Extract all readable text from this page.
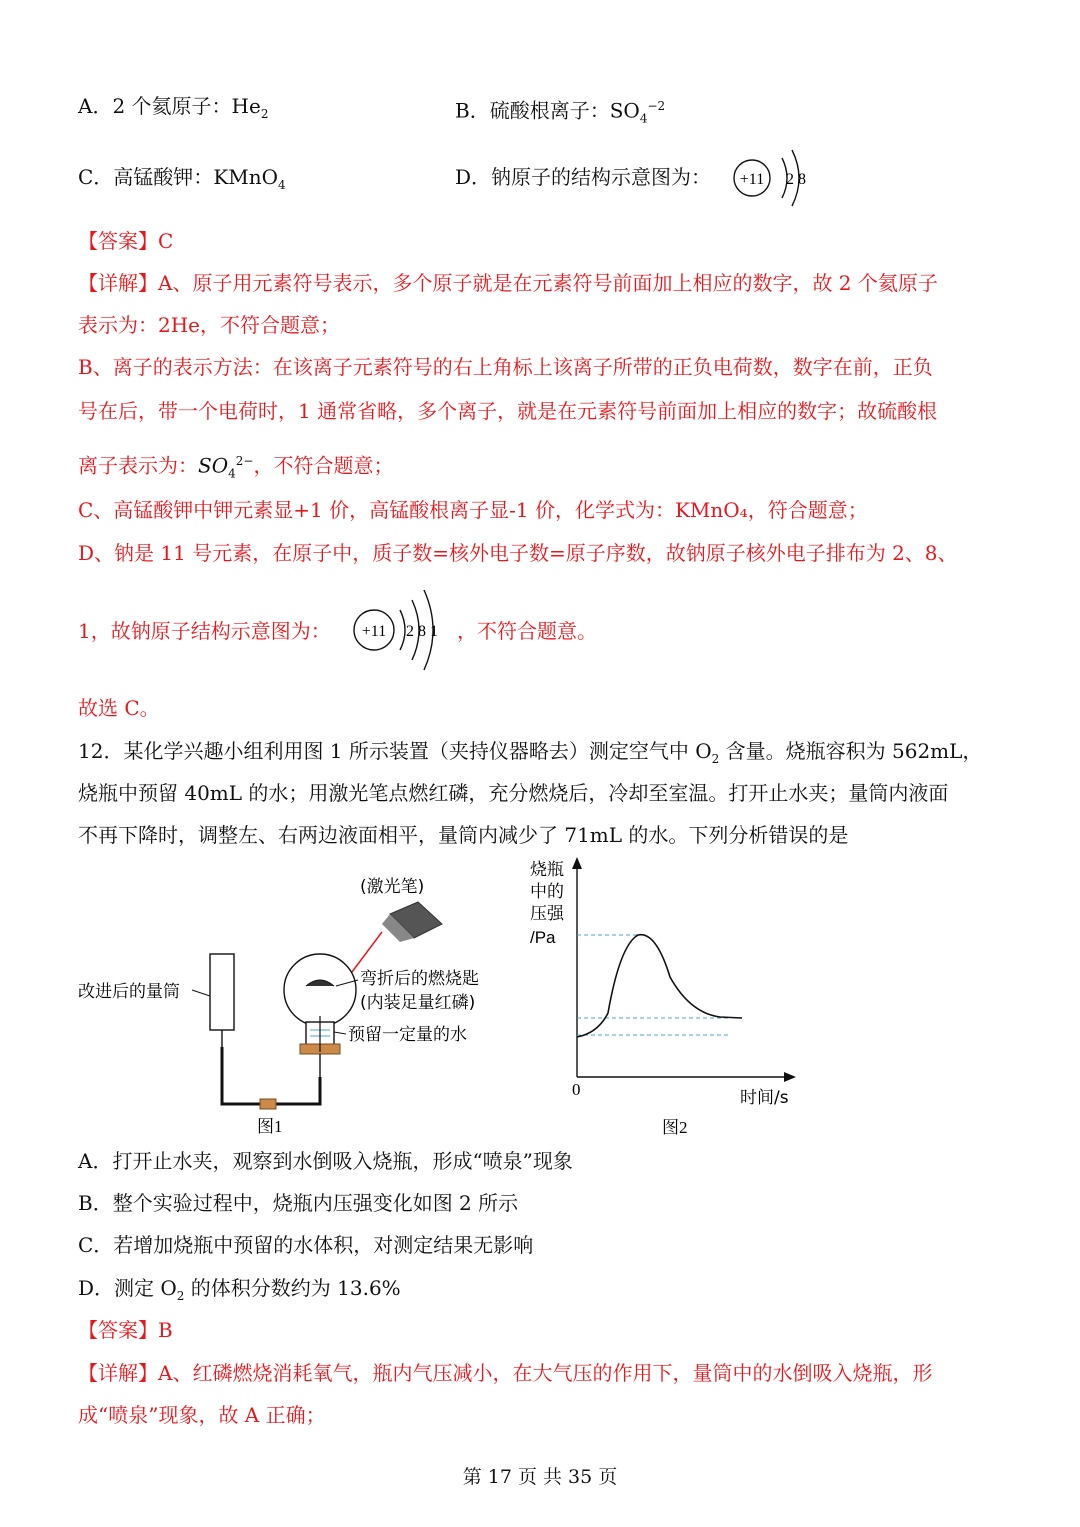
A．2 个氦原子：$He_2$	B．硫酸根离子：$SO_4^{-2}$
C．高锰酸钾：KMnO$_4$	D．钠原子的结构示意图为： +11 2 8
【答案】C
【详解】A、原子用元素符号表示，多个原子就是在元素符号前面加上相应的数字，故 2 个氦原子
表示为：2He，不符合题意；
B、离子的表示方法：在该离子元素符号的右上角标上该离子所带的正负电荷数，数字在前，正负
号在后，带一个电荷时，1 通常省略，多个离子，就是在元素符号前面加上相应的数字；故硫酸根
离子表示为：$SO_4^{2-}$，不符合题意；
C、高锰酸钾中钾元素显+1 价，高锰酸根离子显-1 价，化学式为：KMnO₄，符合题意；
D、钠是 11 号元素，在原子中，质子数=核外电子数=原子序数，故钠原子核外电子排布为 2、8、
1，故钠原子结构示意图为： +11 2 8 1 ，不符合题意。
故选 C。
12．某化学兴趣小组利用图 1 所示装置（夹持仪器略去）测定空气中 $O_2$ 含量。烧瓶容积为 562mL，
烧瓶中预留 40mL 的水；用激光笔点燃红磷，充分燃烧后，冷却至室温。打开止水夹；量筒内液面
不再下降时，调整左、右两边液面相平，量筒内减少了 71mL 的水。下列分析错误的是
(激光笔)
改进后的量筒
弯折后的燃烧匙
(内装足量红磷)
预留一定量的水
图1
烧瓶
中的
压强
/Pa
0	时间/s
图2
A．打开止水夹，观察到水倒吸入烧瓶，形成“喷泉”现象
B．整个实验过程中，烧瓶内压强变化如图 2 所示
C．若增加烧瓶中预留的水体积，对测定结果无影响
D．测定 $O_2$ 的体积分数约为 13.6%
【答案】B
【详解】A、红磷燃烧消耗氧气，瓶内气压减小，在大气压的作用下，量筒中的水倒吸入烧瓶，形
成“喷泉”现象，故 A 正确；
第 17 页 共 35 页
